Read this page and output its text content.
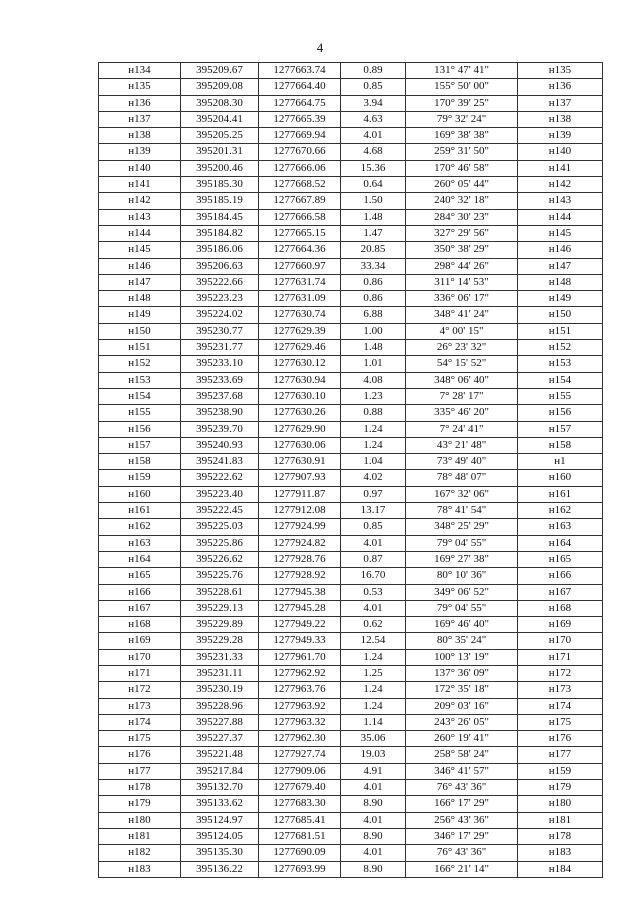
4
н134	395209.67	1277663.74	0.89	131° 47' 41"	н135
н135	395209.08	1277664.40	0.85	155° 50' 00"	н136
н136	395208.30	1277664.75	3.94	170° 39' 25"	н137
н137	395204.41	1277665.39	4.63	79° 32' 24"	н138
н138	395205.25	1277669.94	4.01	169° 38' 38"	н139
н139	395201.31	1277670.66	4.68	259° 31' 50"	н140
н140	395200.46	1277666.06	15.36	170° 46' 58"	н141
н141	395185.30	1277668.52	0.64	260° 05' 44"	н142
н142	395185.19	1277667.89	1.50	240° 32' 18"	н143
н143	395184.45	1277666.58	1.48	284° 30' 23"	н144
н144	395184.82	1277665.15	1.47	327° 29' 56"	н145
н145	395186.06	1277664.36	20.85	350° 38' 29"	н146
н146	395206.63	1277660.97	33.34	298° 44' 26"	н147
н147	395222.66	1277631.74	0.86	311° 14' 53"	н148
н148	395223.23	1277631.09	0.86	336° 06' 17"	н149
н149	395224.02	1277630.74	6.88	348° 41' 24"	н150
н150	395230.77	1277629.39	1.00	4° 00' 15"	н151
н151	395231.77	1277629.46	1.48	26° 23' 32"	н152
н152	395233.10	1277630.12	1.01	54° 15' 52"	н153
н153	395233.69	1277630.94	4.08	348° 06' 40"	н154
н154	395237.68	1277630.10	1.23	7° 28' 17"	н155
н155	395238.90	1277630.26	0.88	335° 46' 20"	н156
н156	395239.70	1277629.90	1.24	7° 24' 41"	н157
н157	395240.93	1277630.06	1.24	43° 21' 48"	н158
н158	395241.83	1277630.91	1.04	73° 49' 40"	н1
н159	395222.62	1277907.93	4.02	78° 48' 07"	н160
н160	395223.40	1277911.87	0.97	167° 32' 06"	н161
н161	395222.45	1277912.08	13.17	78° 41' 54"	н162
н162	395225.03	1277924.99	0.85	348° 25' 29"	н163
н163	395225.86	1277924.82	4.01	79° 04' 55"	н164
н164	395226.62	1277928.76	0.87	169° 27' 38"	н165
н165	395225.76	1277928.92	16.70	80° 10' 36"	н166
н166	395228.61	1277945.38	0.53	349° 06' 52"	н167
н167	395229.13	1277945.28	4.01	79° 04' 55"	н168
н168	395229.89	1277949.22	0.62	169° 46' 40"	н169
н169	395229.28	1277949.33	12.54	80° 35' 24"	н170
н170	395231.33	1277961.70	1.24	100° 13' 19"	н171
н171	395231.11	1277962.92	1.25	137° 36' 09"	н172
н172	395230.19	1277963.76	1.24	172° 35' 18"	н173
н173	395228.96	1277963.92	1.24	209° 03' 16"	н174
н174	395227.88	1277963.32	1.14	243° 26' 05"	н175
н175	395227.37	1277962.30	35.06	260° 19' 41"	н176
н176	395221.48	1277927.74	19.03	258° 58' 24"	н177
н177	395217.84	1277909.06	4.91	346° 41' 57"	н159
н178	395132.70	1277679.40	4.01	76° 43' 36"	н179
н179	395133.62	1277683.30	8.90	166° 17' 29"	н180
н180	395124.97	1277685.41	4.01	256° 43' 36"	н181
н181	395124.05	1277681.51	8.90	346° 17' 29"	н178
н182	395135.30	1277690.09	4.01	76° 43' 36"	н183
н183	395136.22	1277693.99	8.90	166° 21' 14"	н184
